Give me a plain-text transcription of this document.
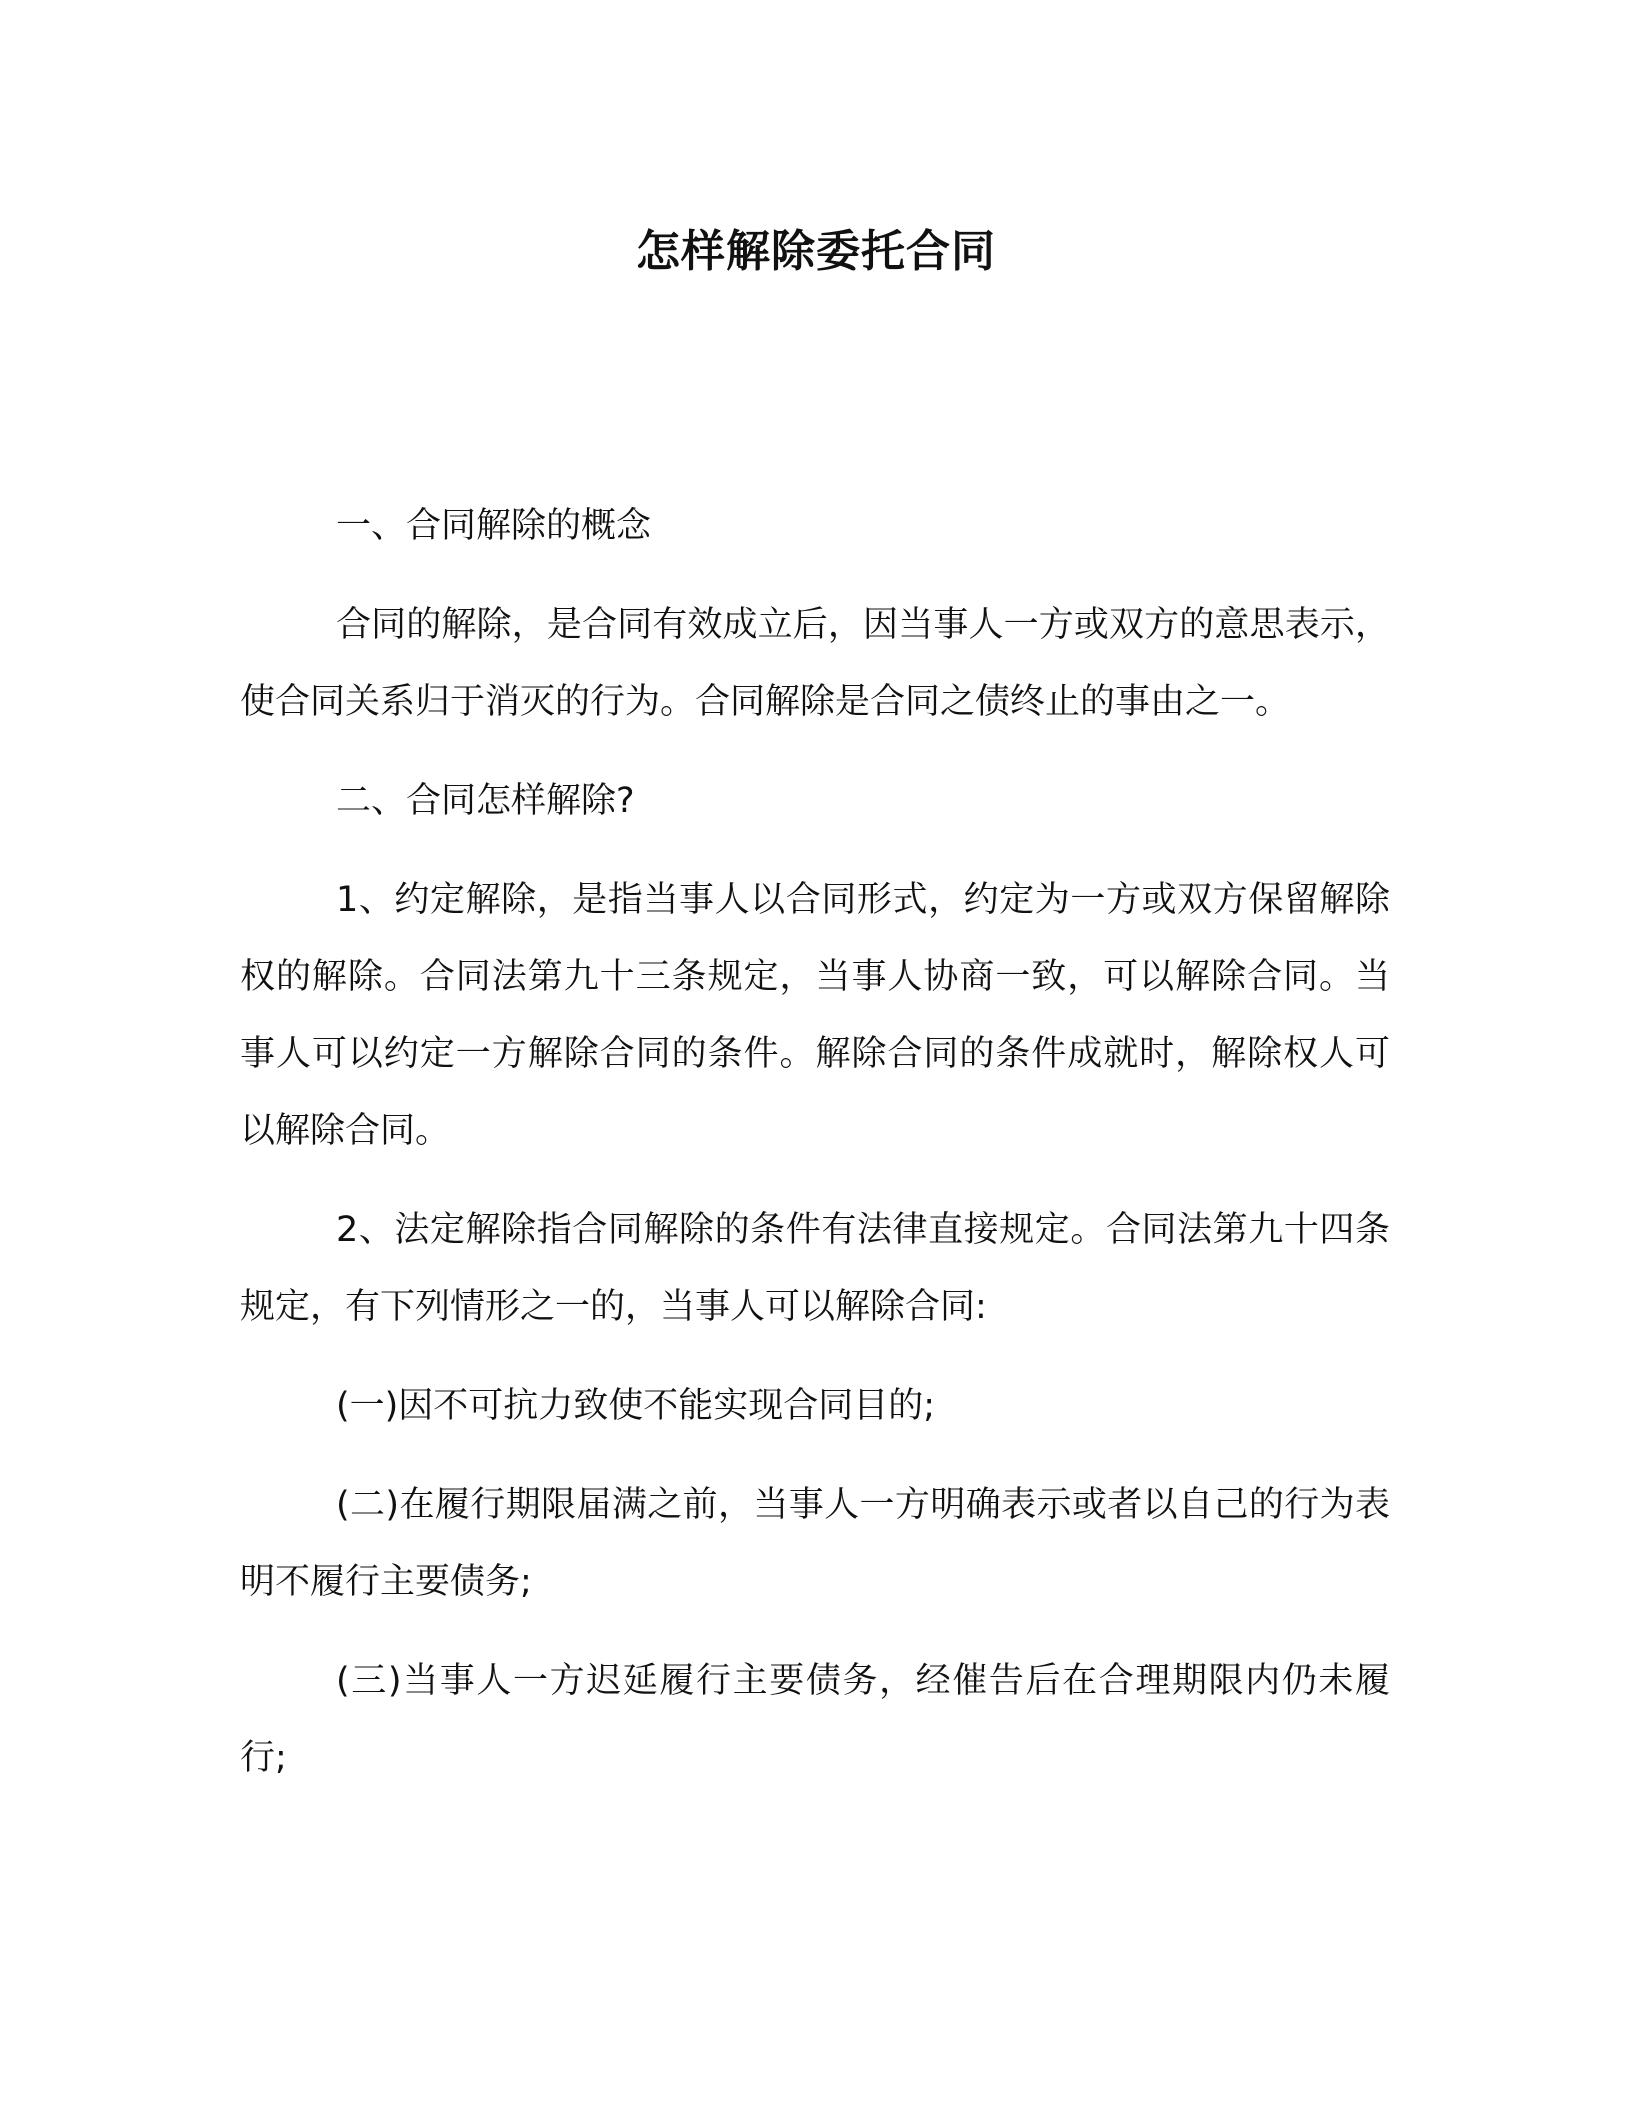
怎样解除委托合同

一、合同解除的概念

合同的解除，是合同有效成立后，因当事人一方或双方的意思表示，使合同关系归于消灭的行为。合同解除是合同之债终止的事由之一。

二、合同怎样解除?

1、约定解除，是指当事人以合同形式，约定为一方或双方保留解除权的解除。合同法第九十三条规定，当事人协商一致，可以解除合同。当事人可以约定一方解除合同的条件。解除合同的条件成就时，解除权人可以解除合同。

2、法定解除指合同解除的条件有法律直接规定。合同法第九十四条规定，有下列情形之一的，当事人可以解除合同:

(一)因不可抗力致使不能实现合同目的;

(二)在履行期限届满之前，当事人一方明确表示或者以自己的行为表明不履行主要债务;

(三)当事人一方迟延履行主要债务，经催告后在合理期限内仍未履行;
